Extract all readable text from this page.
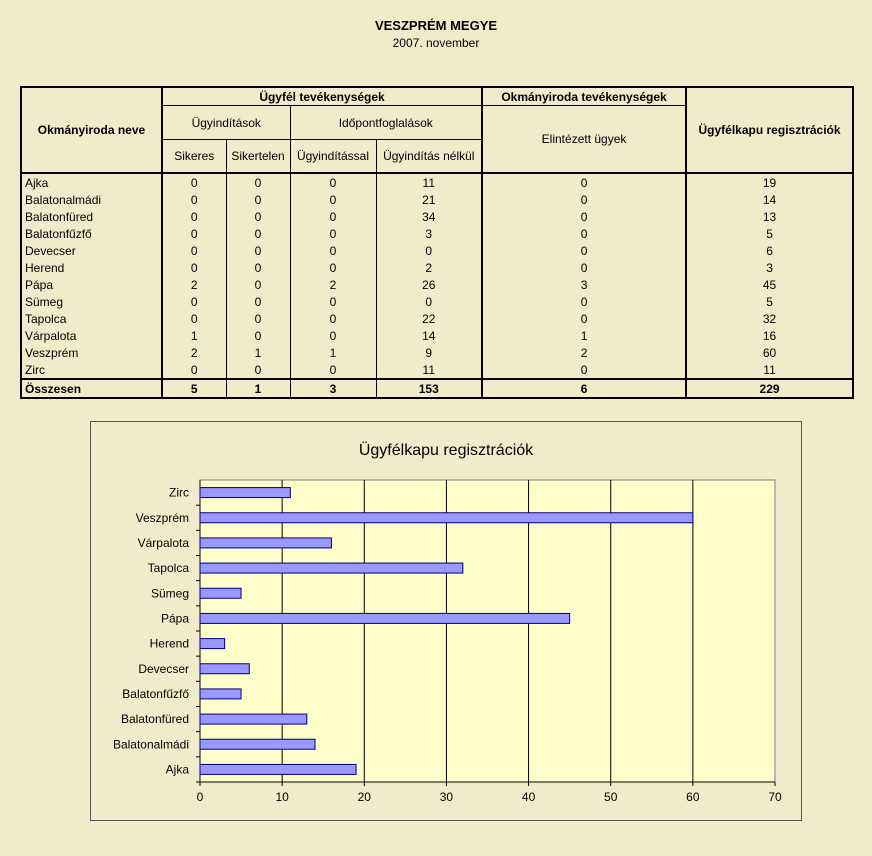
VESZPRÉM MEGYE
2007. november
Okmányiroda neve	Ügyfél tevékenységek				Okmányiroda tevékenységek	Ügyfélkapu regisztrációk
	Ügyindítások		Időpontfoglalások		Elintézett ügyek	
	Sikeres	Sikertelen	Ügyindítással	Ügyindítás nélkül		
Ajka	0	0	0	11	0	19
Balatonalmádi	0	0	0	21	0	14
Balatonfüred	0	0	0	34	0	13
Balatonfűzfő	0	0	0	3	0	5
Devecser	0	0	0	0	0	6
Herend	0	0	0	2	0	3
Pápa	2	0	2	26	3	45
Sümeg	0	0	0	0	0	5
Tapolca	0	0	0	22	0	32
Várpalota	1	0	0	14	1	16
Veszprém	2	1	1	9	2	60
Zirc	0	0	0	11	0	11
Összesen	5	1	3	153	6	229
Ügyfélkapu regisztrációk
0	10	20	30	40	50	60	70
Ajka
Balatonalmádi
Balatonfüred
Balatonfűzfő
Devecser
Herend
Pápa
Sümeg
Tapolca
Várpalota
Veszprém
Zirc
